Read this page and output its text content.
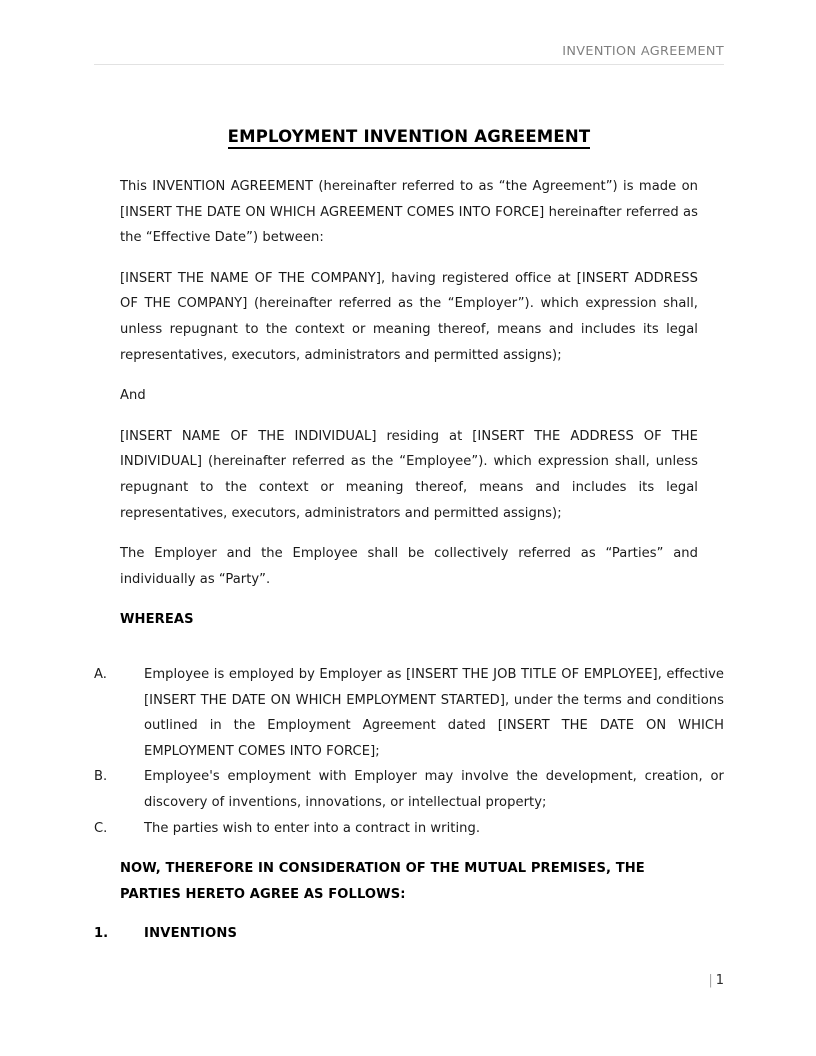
INVENTION AGREEMENT
EMPLOYMENT INVENTION AGREEMENT

This INVENTION AGREEMENT (hereinafter referred to as “the Agreement”) is made on [INSERT THE DATE ON WHICH AGREEMENT COMES INTO FORCE] hereinafter referred as the “Effective Date”) between:

[INSERT THE NAME OF THE COMPANY], having registered office at [INSERT ADDRESS OF THE COMPANY] (hereinafter referred as the “Employer”). which expression shall, unless repugnant to the context or meaning thereof, means and includes its legal representatives, executors, administrators and permitted assigns);

And

[INSERT NAME OF THE INDIVIDUAL] residing at [INSERT THE ADDRESS OF THE INDIVIDUAL] (hereinafter referred as the “Employee”). which expression shall, unless repugnant to the context or meaning thereof, means and includes its legal representatives, executors, administrators and permitted assigns);

The Employer and the Employee shall be collectively referred as “Parties” and individually as “Party”.

WHEREAS

A.	Employee is employed by Employer as [INSERT THE JOB TITLE OF EMPLOYEE], effective [INSERT THE DATE ON WHICH EMPLOYMENT STARTED], under the terms and conditions outlined in the Employment Agreement dated [INSERT THE DATE ON WHICH EMPLOYMENT COMES INTO FORCE];
B.	Employee's employment with Employer may involve the development, creation, or discovery of inventions, innovations, or intellectual property;
C.	The parties wish to enter into a contract in writing.

NOW, THEREFORE IN CONSIDERATION OF THE MUTUAL PREMISES, THE PARTIES HERETO AGREE AS FOLLOWS:

1.	INVENTIONS
| 1
